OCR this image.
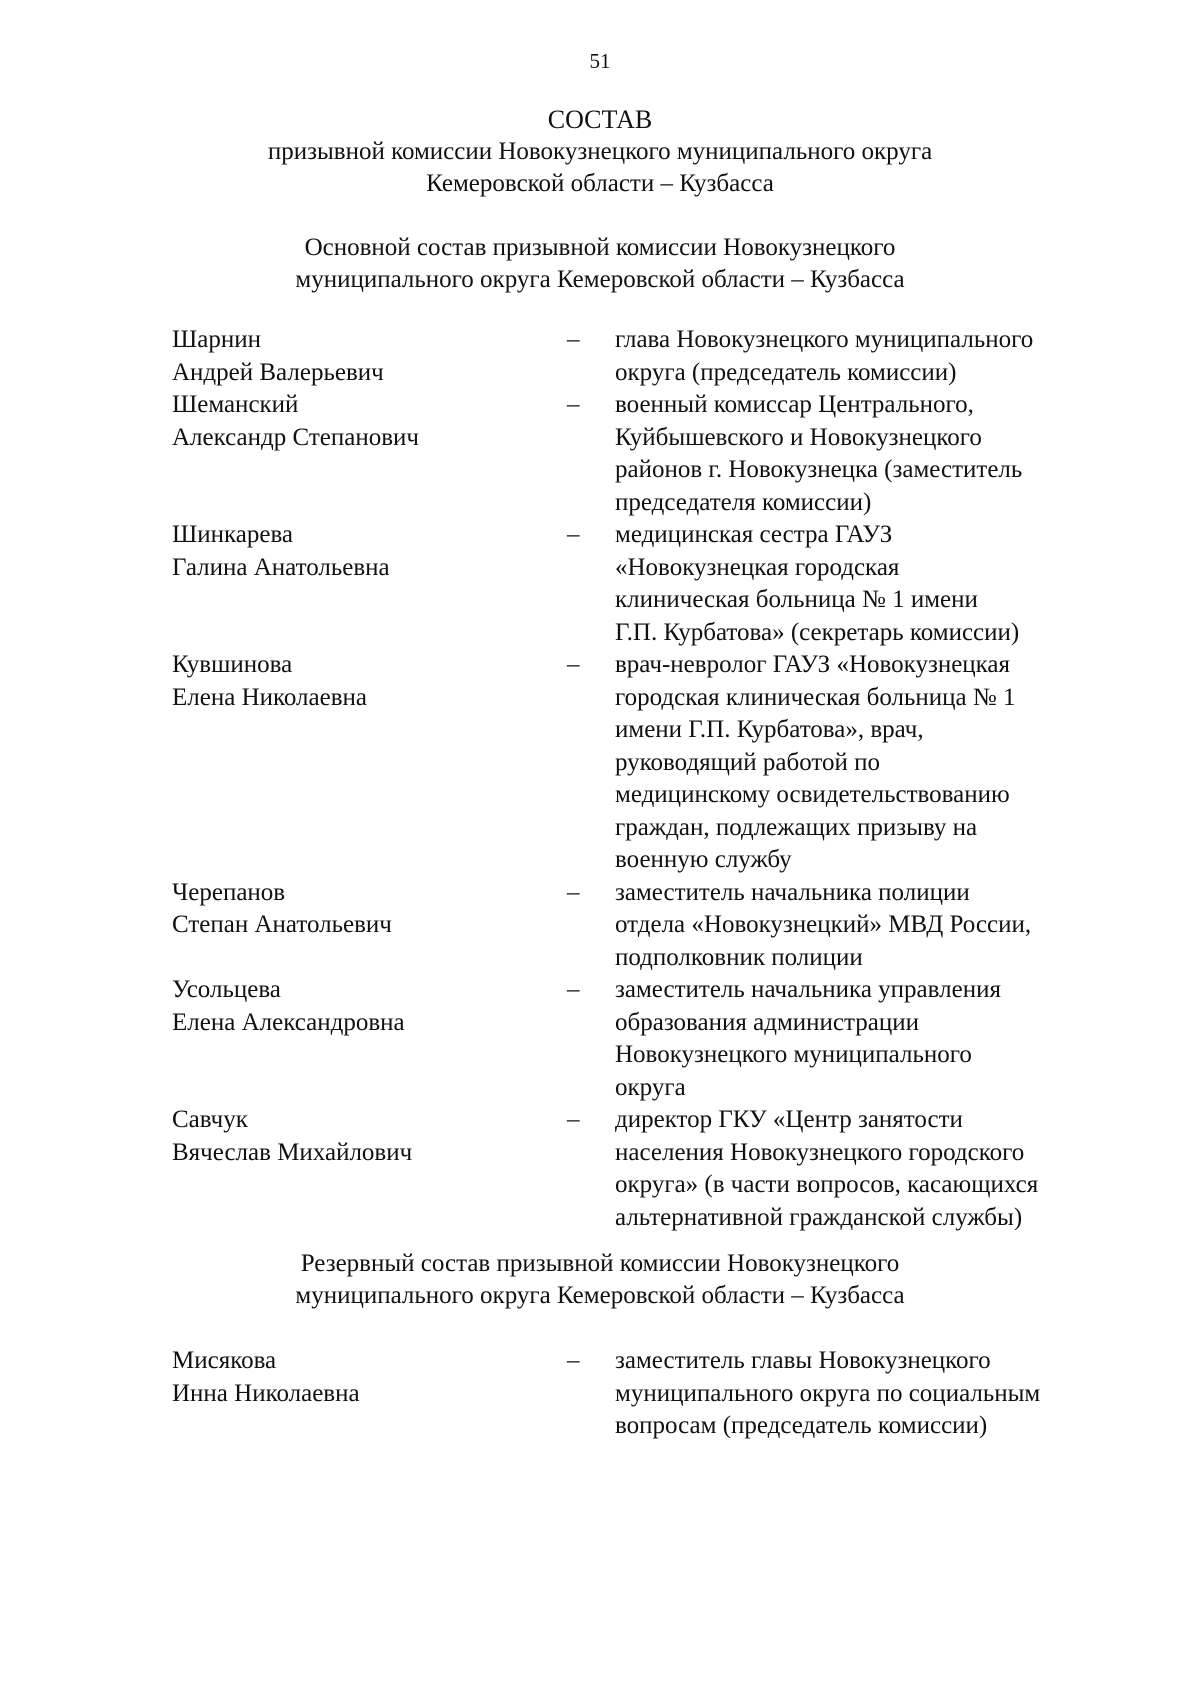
51
СОСТАВ
призывной комиссии Новокузнецкого муниципального округа
Кемеровской области – Кузбасса
Основной состав призывной комиссии Новокузнецкого
муниципального округа Кемеровской области – Кузбасса
Шарнин
Андрей Валерьевич
–	глава Новокузнецкого муниципального
округа (председатель комиссии)
Шеманский
Александр Степанович
–	военный комиссар Центрального,
Куйбышевского и Новокузнецкого
районов г. Новокузнецка (заместитель
председателя комиссии)
Шинкарева
Галина Анатольевна
–	медицинская сестра ГАУЗ
«Новокузнецкая городская
клиническая больница № 1 имени
Г.П. Курбатова» (секретарь комиссии)
Кувшинова
Елена Николаевна
–	врач-невролог ГАУЗ «Новокузнецкая
городская клиническая больница № 1
имени Г.П. Курбатова», врач,
руководящий работой по
медицинскому освидетельствованию
граждан, подлежащих призыву на
военную службу
Черепанов
Степан Анатольевич
–	заместитель начальника полиции
отдела «Новокузнецкий» МВД России,
подполковник полиции
Усольцева
Елена Александровна
–	заместитель начальника управления
образования администрации
Новокузнецкого муниципального
округа
Савчук
Вячеслав Михайлович
–	директор ГКУ «Центр занятости
населения Новокузнецкого городского
округа» (в части вопросов, касающихся
альтернативной гражданской службы)
Резервный состав призывной комиссии Новокузнецкого
муниципального округа Кемеровской области – Кузбасса
Мисякова
Инна Николаевна
–	заместитель главы Новокузнецкого
муниципального округа по социальным
вопросам (председатель комиссии)
